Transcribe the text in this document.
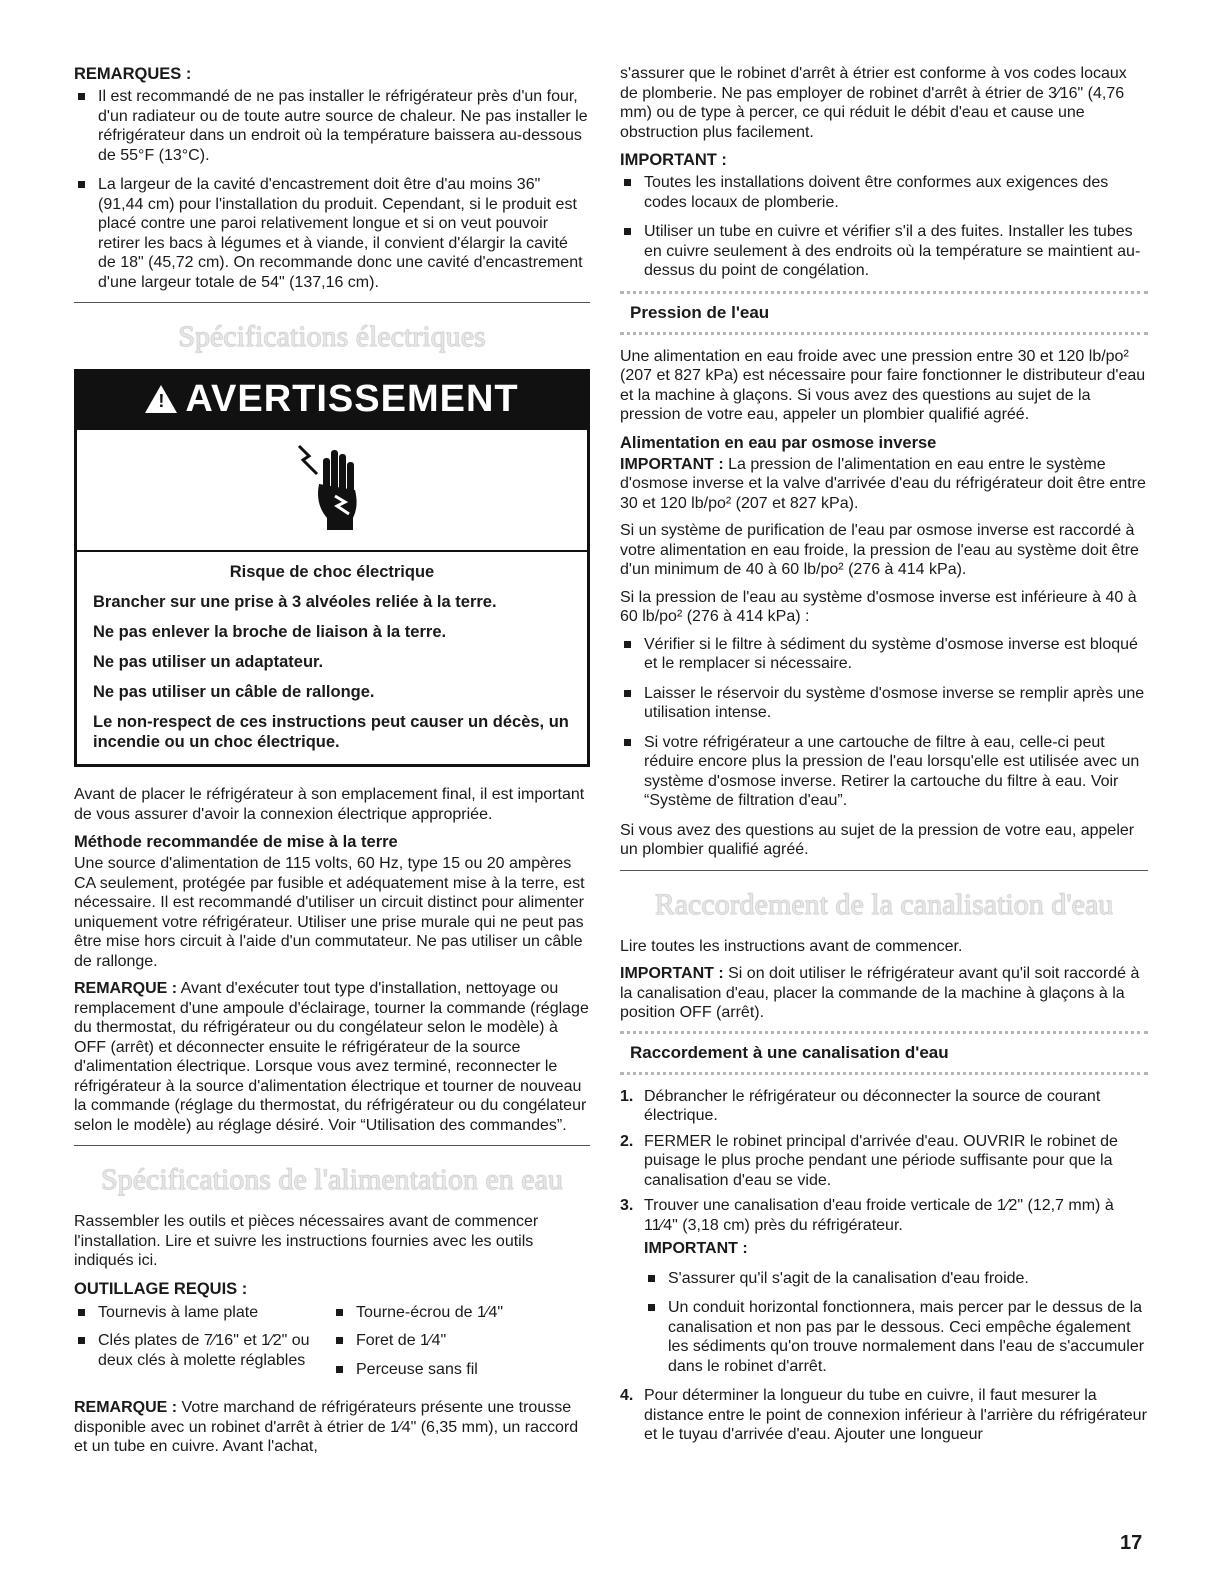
REMARQUES :
Il est recommandé de ne pas installer le réfrigérateur près d'un four, d'un radiateur ou de toute autre source de chaleur. Ne pas installer le réfrigérateur dans un endroit où la température baissera au-dessous de 55°F (13°C).
La largeur de la cavité d'encastrement doit être d'au moins 36" (91,44 cm) pour l'installation du produit. Cependant, si le produit est placé contre une paroi relativement longue et si on veut pouvoir retirer les bacs à légumes et à viande, il convient d'élargir la cavité de 18" (45,72 cm). On recommande donc une cavité d'encastrement d'une largeur totale de 54" (137,16 cm).
Spécifications électriques
! AVERTISSEMENT
Risque de choc électrique
Brancher sur une prise à 3 alvéoles reliée à la terre.
Ne pas enlever la broche de liaison à la terre.
Ne pas utiliser un adaptateur.
Ne pas utiliser un câble de rallonge.
Le non-respect de ces instructions peut causer un décès, un incendie ou un choc électrique.

Avant de placer le réfrigérateur à son emplacement final, il est important de vous assurer d'avoir la connexion électrique appropriée.

Méthode recommandée de mise à la terre

Une source d'alimentation de 115 volts, 60 Hz, type 15 ou 20 ampères CA seulement, protégée par fusible et adéquatement mise à la terre, est nécessaire. Il est recommandé d'utiliser un circuit distinct pour alimenter uniquement votre réfrigérateur. Utiliser une prise murale qui ne peut pas être mise hors circuit à l'aide d'un commutateur. Ne pas utiliser un câble de rallonge.

REMARQUE : Avant d'exécuter tout type d'installation, nettoyage ou remplacement d'une ampoule d'éclairage, tourner la commande (réglage du thermostat, du réfrigérateur ou du congélateur selon le modèle) à OFF (arrêt) et déconnecter ensuite le réfrigérateur de la source d'alimentation électrique. Lorsque vous avez terminé, reconnecter le réfrigérateur à la source d'alimentation électrique et tourner de nouveau la commande (réglage du thermostat, du réfrigérateur ou du congélateur selon le modèle) au réglage désiré. Voir “Utilisation des commandes”.

Spécifications de l'alimentation en eau

Rassembler les outils et pièces nécessaires avant de commencer l'installation. Lire et suivre les instructions fournies avec les outils indiqués ici.

OUTILLAGE REQUIS :
Tournevis à lame plate
Clés plates de 7⁄16" et 1⁄2" ou deux clés à molette réglables
Tourne-écrou de 1⁄4"
Foret de 1⁄4"
Perceuse sans fil

REMARQUE : Votre marchand de réfrigérateurs présente une trousse disponible avec un robinet d'arrêt à étrier de 1⁄4" (6,35 mm), un raccord et un tube en cuivre. Avant l'achat,

s'assurer que le robinet d'arrêt à étrier est conforme à vos codes locaux de plomberie. Ne pas employer de robinet d'arrêt à étrier de 3⁄16" (4,76 mm) ou de type à percer, ce qui réduit le débit d'eau et cause une obstruction plus facilement.

IMPORTANT :
Toutes les installations doivent être conformes aux exigences des codes locaux de plomberie.
Utiliser un tube en cuivre et vérifier s'il a des fuites. Installer les tubes en cuivre seulement à des endroits où la température se maintient au-dessus du point de congélation.
Pression de l'eau

Une alimentation en eau froide avec une pression entre 30 et 120 lb/po² (207 et 827 kPa) est nécessaire pour faire fonctionner le distributeur d'eau et la machine à glaçons. Si vous avez des questions au sujet de la pression de votre eau, appeler un plombier qualifié agréé.

Alimentation en eau par osmose inverse

IMPORTANT : La pression de l'alimentation en eau entre le système d'osmose inverse et la valve d'arrivée d'eau du réfrigérateur doit être entre 30 et 120 lb/po² (207 et 827 kPa).

Si un système de purification de l'eau par osmose inverse est raccordé à votre alimentation en eau froide, la pression de l'eau au système doit être d'un minimum de 40 à 60 lb/po² (276 à 414 kPa).

Si la pression de l'eau au système d'osmose inverse est inférieure à 40 à 60 lb/po² (276 à 414 kPa) :

Vérifier si le filtre à sédiment du système d'osmose inverse est bloqué et le remplacer si nécessaire.
Laisser le réservoir du système d'osmose inverse se remplir après une utilisation intense.
Si votre réfrigérateur a une cartouche de filtre à eau, celle-ci peut réduire encore plus la pression de l'eau lorsqu'elle est utilisée avec un système d'osmose inverse. Retirer la cartouche du filtre à eau. Voir “Système de filtration d'eau”.

Si vous avez des questions au sujet de la pression de votre eau, appeler un plombier qualifié agréé.

Raccordement de la canalisation d'eau

Lire toutes les instructions avant de commencer.

IMPORTANT : Si on doit utiliser le réfrigérateur avant qu'il soit raccordé à la canalisation d'eau, placer la commande de la machine à glaçons à la position OFF (arrêt).

Raccordement à une canalisation d'eau
1. Débrancher le réfrigérateur ou déconnecter la source de courant électrique.
2. FERMER le robinet principal d'arrivée d'eau. OUVRIR le robinet de puisage le plus proche pendant une période suffisante pour que la canalisation d'eau se vide.
3. Trouver une canalisation d'eau froide verticale de 1⁄2" (12,7 mm) à 11⁄4" (3,18 cm) près du réfrigérateur.
IMPORTANT :
S'assurer qu'il s'agit de la canalisation d'eau froide.
Un conduit horizontal fonctionnera, mais percer par le dessus de la canalisation et non pas par le dessous. Ceci empêche également les sédiments qu'on trouve normalement dans l'eau de s'accumuler dans le robinet d'arrêt.
4. Pour déterminer la longueur du tube en cuivre, il faut mesurer la distance entre le point de connexion inférieur à l'arrière du réfrigérateur et le tuyau d'arrivée d'eau. Ajouter une longueur
17
